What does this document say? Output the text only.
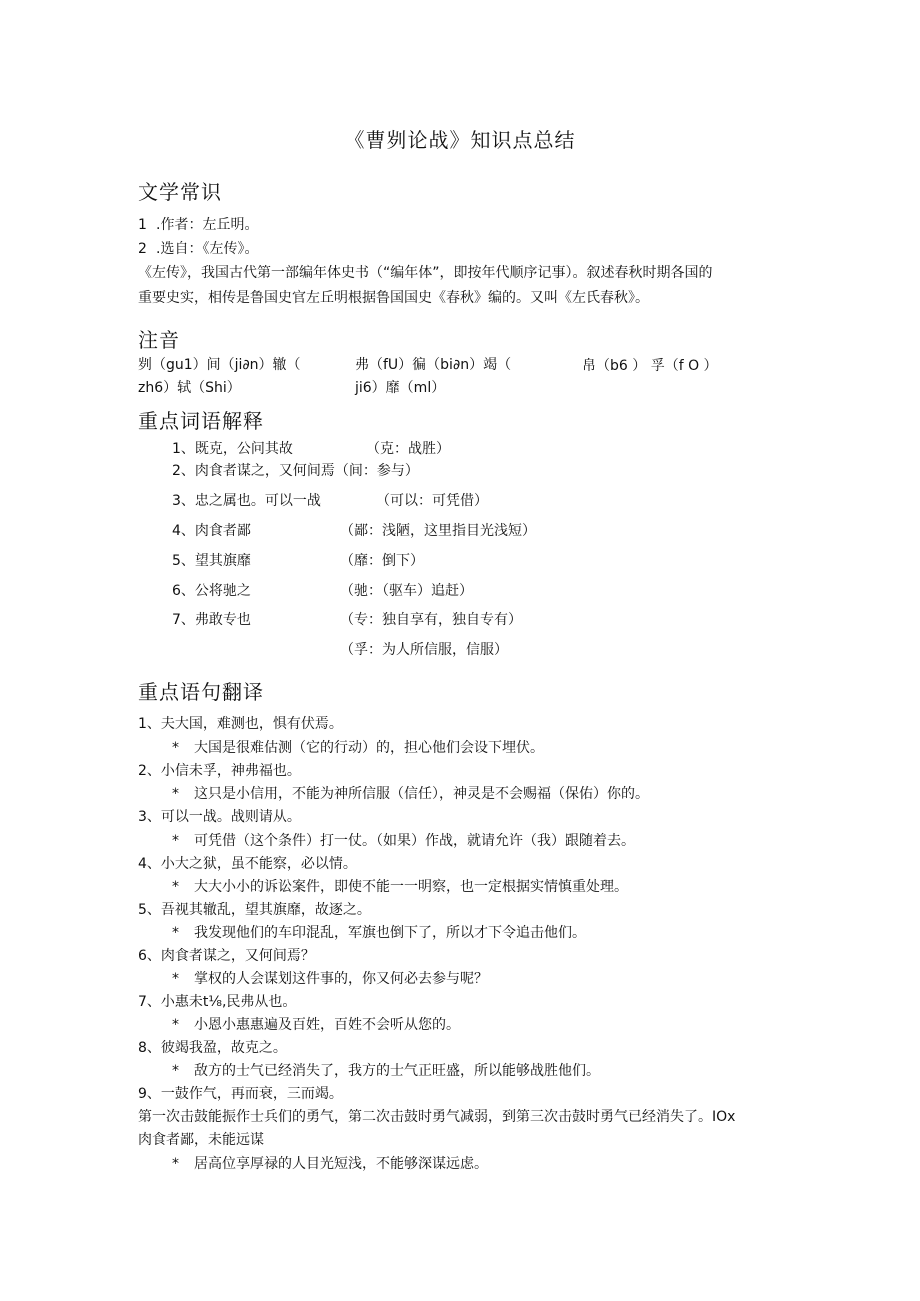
《曹刿论战》知识点总结
文学常识
1 .作者：左丘明。
2 .选自：《左传》。
《左传》，我国古代第一部编年体史书（“编年体”，即按年代顺序记事）。叙述春秋时期各国的
重要史实，相传是鲁国史官左丘明根据鲁国国史《春秋》编的。又叫《左氏春秋》。
注音
刿（gu1）间（ji∂n）辙（
zh6）轼（Shi）
弗（fU）徧（bi∂n）竭（
ji6）靡（ml）
帛（b6 ） 孚（f O ）
重点词语解释
1、既克，公问其故	（克：战胜）
2、肉食者谋之，又何间焉（间：参与）
3、忠之属也。可以一战	（可以：可凭借）
4、肉食者鄙	（鄙：浅陋，这里指目光浅短）
5、望其旗靡	（靡：倒下）
6、公将驰之	（驰：（驱车）追赶）
7、弗敢专也	（专：独自享有，独自专有）
（孚：为人所信服，信服）
重点语句翻译
1、夫大国，难测也，惧有伏焉。
* 大国是很难估测（它的行动）的，担心他们会设下埋伏。
2、小信未孚，神弗福也。
* 这只是小信用，不能为神所信服（信任），神灵是不会赐福（保佑）你的。
3、可以一战。战则请从。
* 可凭借（这个条件）打一仗。（如果）作战，就请允许（我）跟随着去。
4、小大之狱，虽不能察，必以情。
* 大大小小的诉讼案件，即使不能一一明察，也一定根据实情慎重处理。
5、吾视其辙乱，望其旗靡，故逐之。
* 我发现他们的车印混乱，军旗也倒下了，所以才下令追击他们。
6、肉食者谋之，又何间焉？
* 掌权的人会谋划这件事的，你又何必去参与呢？
7、小惠未t⅛,民弗从也。
* 小恩小惠惠遍及百姓，百姓不会听从您的。
8、彼竭我盈，故克之。
* 敌方的士气已经消失了，我方的士气正旺盛，所以能够战胜他们。
9、一鼓作气，再而衰，三而竭。
第一次击鼓能振作士兵们的勇气，第二次击鼓时勇气减弱，到第三次击鼓时勇气已经消失了。IOx
肉食者鄙，未能远谋
* 居高位享厚禄的人目光短浅，不能够深谋远虑。
